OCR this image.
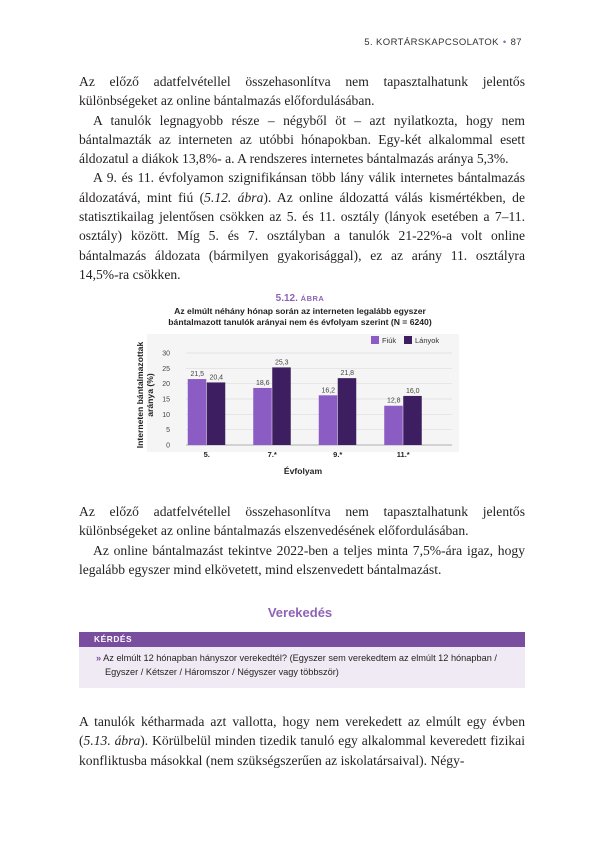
5. KORTÁRSKAPCSOLATOK • 87

Az előző adatfelvétellel összehasonlítva nem tapasztalhatunk jelentős különbségeket az online bántalmazás előfordulásában.

A tanulók legnagyobb része – négyből öt – azt nyilatkozta, hogy nem bántalmazták az interneten az utóbbi hónapokban. Egy-két alkalommal esett áldozatul a diákok 13,8%- a. A rendszeres internetes bántalmazás aránya 5,3%.

A 9. és 11. évfolyamon szignifikánsan több lány válik internetes bántalmazás áldozatává, mint fiú (5.12. ábra). Az online áldozattá válás kismértékben, de statisztikailag jelentősen csökken az 5. és 11. osztály (lányok esetében a 7–11. osztály) között. Míg 5. és 7. osztályban a tanulók 21-22%-a volt online bántalmazás áldozata (bármilyen gyakorisággal), ez az arány 11. osztályra 14,5%-ra csökken.

5.12. ÁBRA
Az elmúlt néhány hónap során az interneten legalább egyszer
bántalmazott tanulók arányai nem és évfolyam szerint (N = 6240)
0
5
10
15
20
25
30
21,5 20,4
18,6
25,3
16,2
21,8
12,8
16,0
5.	7.*	9.*	11.*
Fiúk	Lányok
Interneten bántalmazottak aránya (%)
Évfolyam

Az előző adatfelvétellel összehasonlítva nem tapasztalhatunk jelentős különbségeket az online bántalmazás elszenvedésének előfordulásában.

Az online bántalmazást tekintve 2022-ben a teljes minta 7,5%-ára igaz, hogy legalább egyszer mind elkövetett, mind elszenvedett bántalmazást.

Verekedés
KÉRDÉS
» Az elmúlt 12 hónapban hányszor verekedtél? (Egyszer sem verekedtem az elmúlt 12 hónapban / Egyszer / Kétszer / Háromszor / Négyszer vagy többször)

A tanulók kétharmada azt vallotta, hogy nem verekedett az elmúlt egy évben (5.13. ábra). Körülbelül minden tizedik tanuló egy alkalommal keveredett fizikai konfliktusba másokkal (nem szükségszerűen az iskolatársaival). Négy-
